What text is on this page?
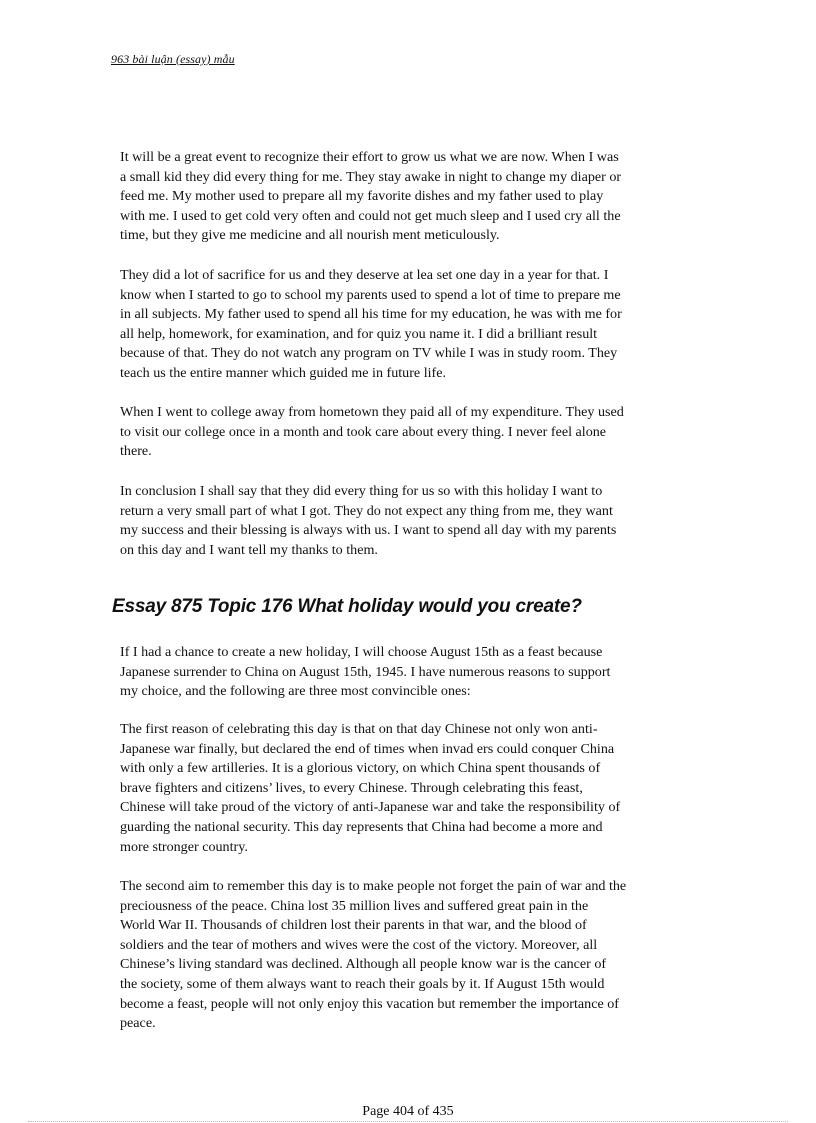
963 bài luận (essay) mẫu

It will be a great event to recognize their effort to grow us what we are now. When I was
a small kid they did every thing for me. They stay awake in night to change my diaper or
feed me. My mother used to prepare all my favorite dishes and my father used to play
with me. I used to get cold very often and could not get much sleep and I used cry all the
time, but they give me medicine and all nourish ment meticulously.

They did a lot of sacrifice for us and they deserve at lea set one day in a year for that. I
know when I started to go to school my parents used to spend a lot of time to prepare me
in all subjects. My father used to spend all his time for my education, he was with me for
all help, homework, for examination, and for quiz you name it. I did a brilliant result
because of that. They do not watch any program on TV while I was in study room. They
teach us the entire manner which guided me in future life.

When I went to college away from hometown they paid all of my expenditure. They used
to visit our college once in a month and took care about every thing. I never feel alone
there.

In conclusion I shall say that they did every thing for us so with this holiday I want to
return a very small part of what I got. They do not expect any thing from me, they want
my success and their blessing is always with us. I want to spend all day with my parents
on this day and I want tell my thanks to them.

Essay 875 Topic 176 What holiday would you create?

If I had a chance to create a new holiday, I will choose August 15th as a feast because
Japanese surrender to China on August 15th, 1945. I have numerous reasons to support
my choice, and the following are three most convincible ones:

The first reason of celebrating this day is that on that day Chinese not only won anti-
Japanese war finally, but declared the end of times when invad ers could conquer China
with only a few artilleries. It is a glorious victory, on which China spent thousands of
brave fighters and citizens’ lives, to every Chinese. Through celebrating this feast,
Chinese will take proud of the victory of anti-Japanese war and take the responsibility of
guarding the national security. This day represents that China had become a more and
more stronger country.

The second aim to remember this day is to make people not forget the pain of war and the
preciousness of the peace. China lost 35 million lives and suffered great pain in the
World War II. Thousands of children lost their parents in that war, and the blood of
soldiers and the tear of mothers and wives were the cost of the victory. Moreover, all
Chinese’s living standard was declined. Although all people know war is the cancer of
the society, some of them always want to reach their goals by it. If August 15th would
become a feast, people will not only enjoy this vacation but remember the importance of
peace.

Page 404 of 435
